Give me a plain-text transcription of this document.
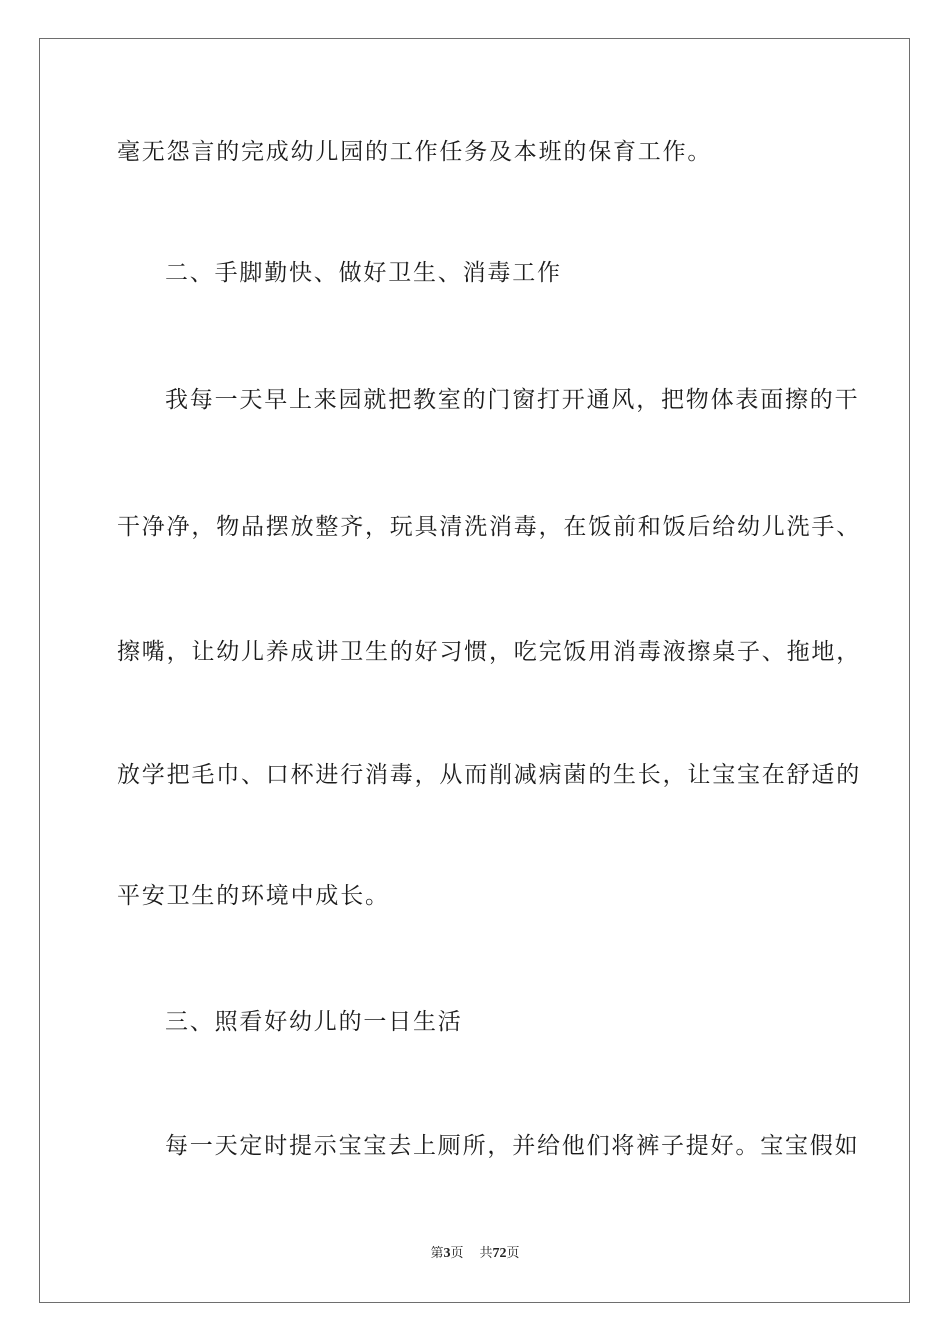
毫无怨言的完成幼儿园的工作任务及本班的保育工作。
二、手脚勤快、做好卫生、消毒工作
我每一天早上来园就把教室的门窗打开通风，把物体表面擦的干
干净净，物品摆放整齐，玩具清洗消毒，在饭前和饭后给幼儿洗手、
擦嘴，让幼儿养成讲卫生的好习惯，吃完饭用消毒液擦桌子、拖地，
放学把毛巾、口杯进行消毒，从而削减病菌的生长，让宝宝在舒适的
平安卫生的环境中成长。
三、照看好幼儿的一日生活
每一天定时提示宝宝去上厕所，并给他们将裤子提好。宝宝假如
第3页 共72页
